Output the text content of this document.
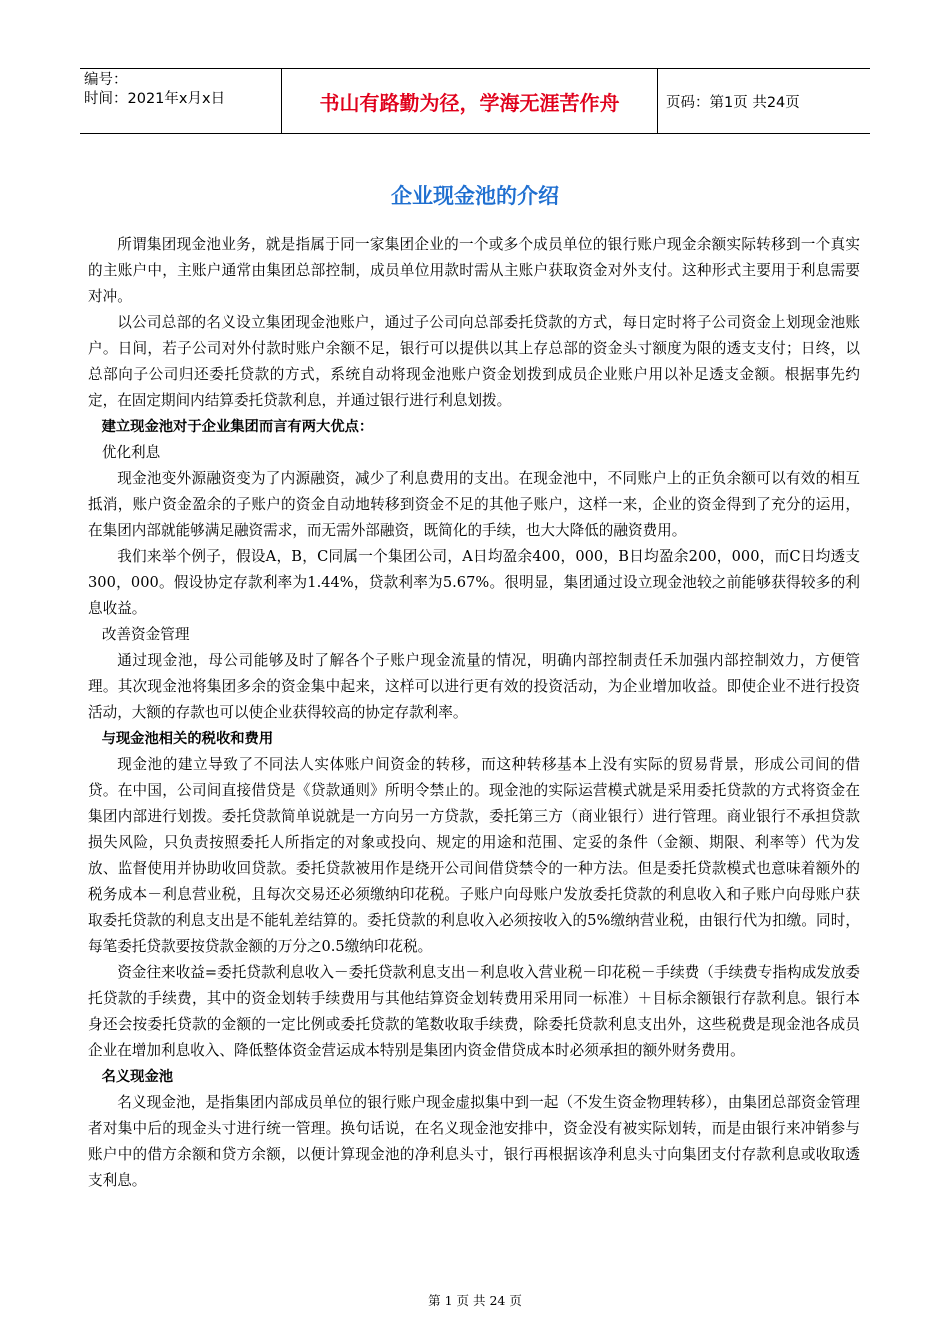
编号：
时间：2021年x月x日	书山有路勤为径，学海无涯苦作舟	页码：第1页 共24页
企业现金池的介绍

所谓集团现金池业务，就是指属于同一家集团企业的一个或多个成员单位的银行账户现金余额实际转移到一个真实的主账户中，主账户通常由集团总部控制，成员单位用款时需从主账户获取资金对外支付。这种形式主要用于利息需要对冲。

以公司总部的名义设立集团现金池账户，通过子公司向总部委托贷款的方式，每日定时将子公司资金上划现金池账户。日间，若子公司对外付款时账户余额不足，银行可以提供以其上存总部的资金头寸额度为限的透支支付；日终，以总部向子公司归还委托贷款的方式，系统自动将现金池账户资金划拨到成员企业账户用以补足透支金额。根据事先约定，在固定期间内结算委托贷款利息，并通过银行进行利息划拨。

建立现金池对于企业集团而言有两大优点：
优化利息

现金池变外源融资变为了内源融资，减少了利息费用的支出。在现金池中，不同账户上的正负余额可以有效的相互抵消，账户资金盈余的子账户的资金自动地转移到资金不足的其他子账户，这样一来，企业的资金得到了充分的运用，在集团内部就能够满足融资需求，而无需外部融资，既简化的手续，也大大降低的融资费用。

我们来举个例子，假设A，B，C同属一个集团公司，A日均盈余400，000，B日均盈余200，000，而C日均透支300，000。假设协定存款利率为1.44%，贷款利率为5.67%。很明显，集团通过设立现金池较之前能够获得较多的利息收益。

改善资金管理

通过现金池，母公司能够及时了解各个子账户现金流量的情况，明确内部控制责任禾加强内部控制效力，方便管理。其次现金池将集团多余的资金集中起来，这样可以进行更有效的投资活动，为企业增加收益。即使企业不进行投资活动，大额的存款也可以使企业获得较高的协定存款利率。

与现金池相关的税收和费用

现金池的建立导致了不同法人实体账户间资金的转移，而这种转移基本上没有实际的贸易背景，形成公司间的借贷。在中国，公司间直接借贷是《贷款通则》所明令禁止的。现金池的实际运营模式就是采用委托贷款的方式将资金在集团内部进行划拨。委托贷款简单说就是一方向另一方贷款，委托第三方（商业银行）进行管理。商业银行不承担贷款损失风险，只负责按照委托人所指定的对象或投向、规定的用途和范围、定妥的条件（金额、期限、利率等）代为发放、监督使用并协助收回贷款。委托贷款被用作是绕开公司间借贷禁令的一种方法。但是委托贷款模式也意味着额外的税务成本－利息营业税，且每次交易还必须缴纳印花税。子账户向母账户发放委托贷款的利息收入和子账户向母账户获取委托贷款的利息支出是不能轧差结算的。委托贷款的利息收入必须按收入的5%缴纳营业税，由银行代为扣缴。同时，每笔委托贷款要按贷款金额的万分之0.5缴纳印花税。

资金往来收益=委托贷款利息收入－委托贷款利息支出－利息收入营业税－印花税－手续费（手续费专指构成发放委托贷款的手续费，其中的资金划转手续费用与其他结算资金划转费用采用同一标准）＋目标余额银行存款利息。银行本身还会按委托贷款的金额的一定比例或委托贷款的笔数收取手续费，除委托贷款利息支出外，这些税费是现金池各成员企业在增加利息收入、降低整体资金营运成本特别是集团内资金借贷成本时必须承担的额外财务费用。

名义现金池

名义现金池，是指集团内部成员单位的银行账户现金虚拟集中到一起（不发生资金物理转移），由集团总部资金管理者对集中后的现金头寸进行统一管理。换句话说，在名义现金池安排中，资金没有被实际划转，而是由银行来冲销参与账户中的借方余额和贷方余额，以便计算现金池的净利息头寸，银行再根据该净利息头寸向集团支付存款利息或收取透支利息。

第 1 页 共 24 页
